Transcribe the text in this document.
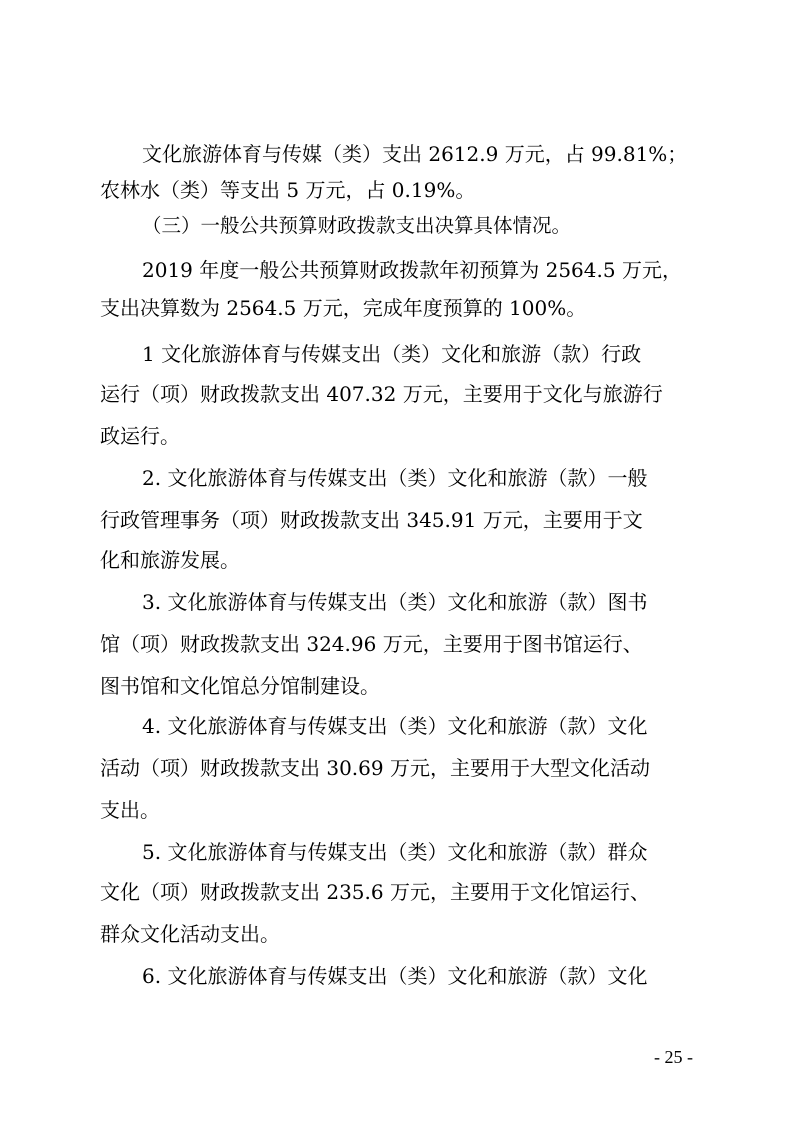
文化旅游体育与传媒（类）支出 2612.9 万元，占 99.81%；
农林水（类）等支出 5 万元，占 0.19%。
（三）一般公共预算财政拨款支出决算具体情况。
2019 年度一般公共预算财政拨款年初预算为 2564.5 万元，
支出决算数为 2564.5 万元，完成年度预算的 100%。
1 文化旅游体育与传媒支出（类）文化和旅游（款）行政
运行（项）财政拨款支出 407.32 万元，主要用于文化与旅游行
政运行。
2. 文化旅游体育与传媒支出（类）文化和旅游（款）一般
行政管理事务（项）财政拨款支出 345.91 万元，主要用于文
化和旅游发展。
3. 文化旅游体育与传媒支出（类）文化和旅游（款）图书
馆（项）财政拨款支出 324.96 万元，主要用于图书馆运行、
图书馆和文化馆总分馆制建设。
4. 文化旅游体育与传媒支出（类）文化和旅游（款）文化
活动（项）财政拨款支出 30.69 万元，主要用于大型文化活动
支出。
5. 文化旅游体育与传媒支出（类）文化和旅游（款）群众
文化（项）财政拨款支出 235.6 万元，主要用于文化馆运行、
群众文化活动支出。
6. 文化旅游体育与传媒支出（类）文化和旅游（款）文化
- 25 -
